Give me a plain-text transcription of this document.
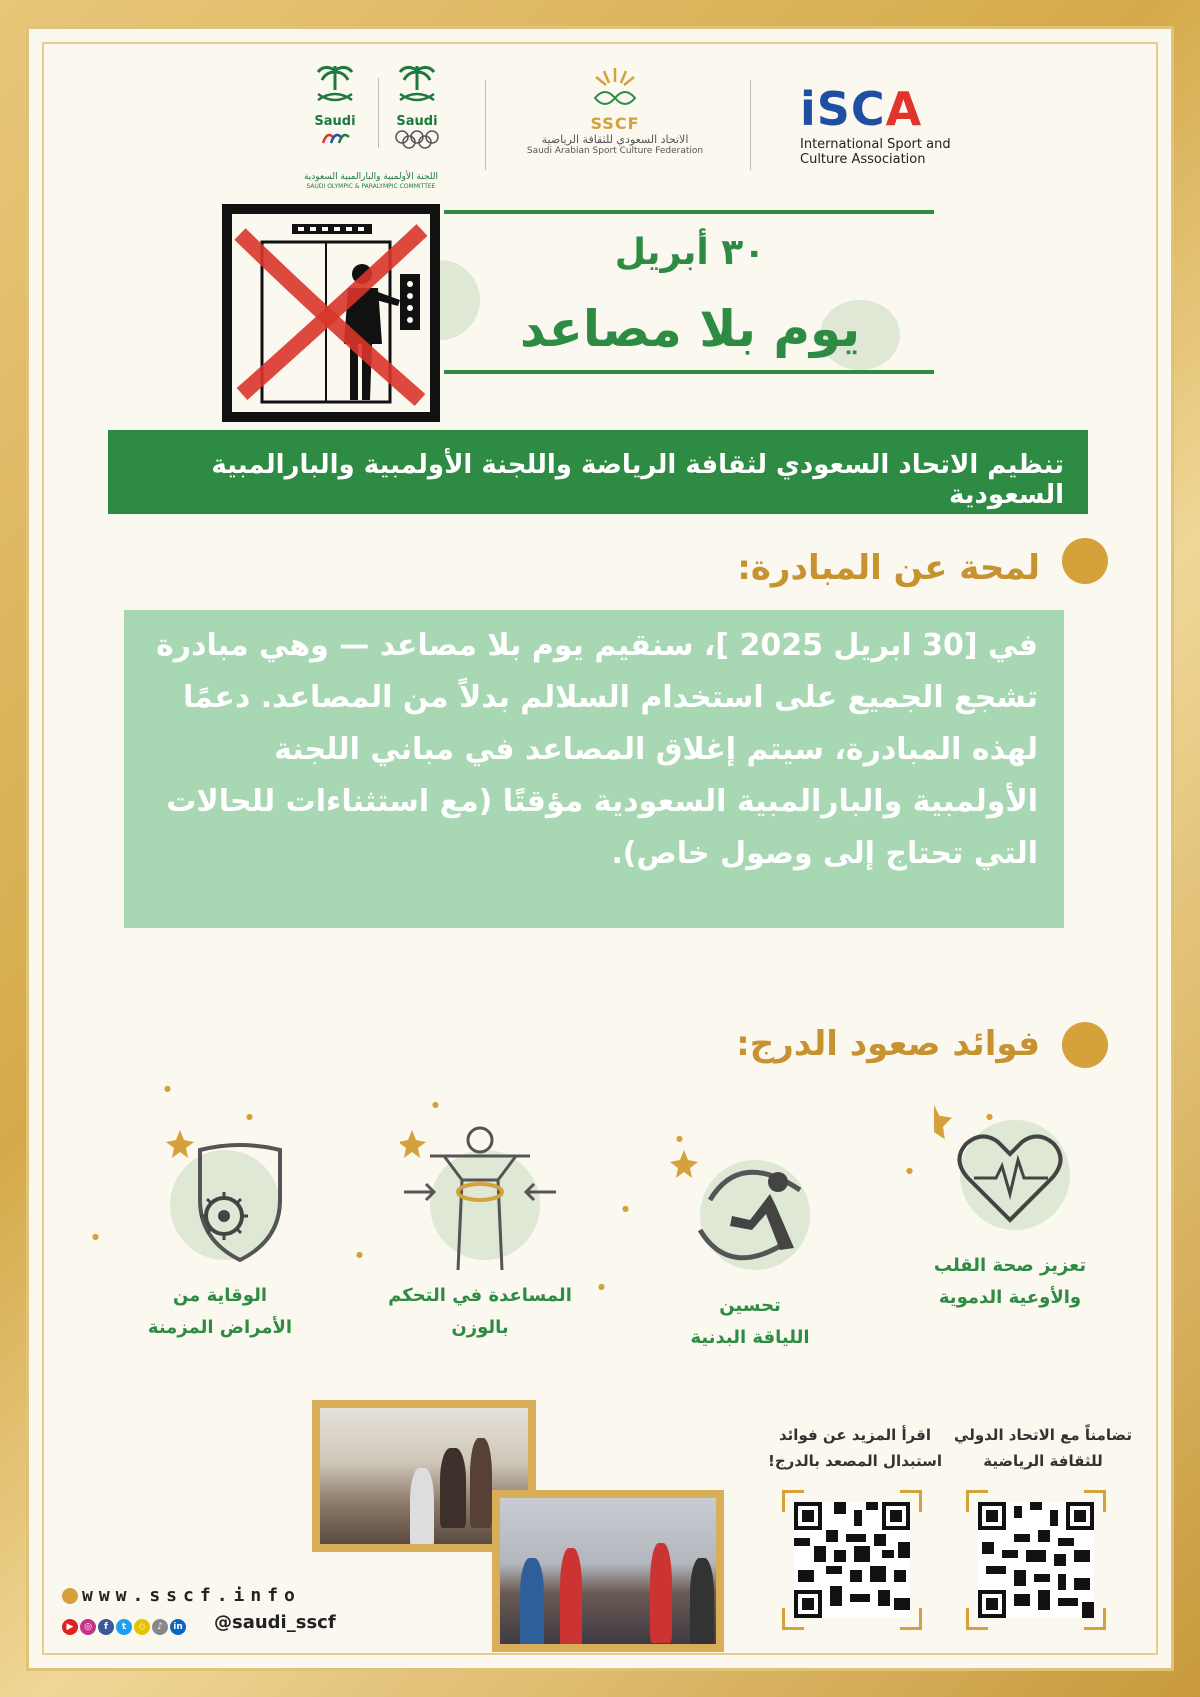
Saudi	Saudi
اللجنة الأولمبية والبارالمبية السعودية
SAUDI OLYMPIC & PARALYMPIC COMMITTEE
SSCF
الاتحاد السعودي للثقافة الرياضية
Saudi Arabian Sport Culture Federation
iSCA
International Sport and
Culture Association
٣٠ أبريل
يوم بلا مصاعد
تنظيم الاتحاد السعودي لثقافة الرياضة واللجنة الأولمبية والبارالمبية السعودية
لمحة عن المبادرة:
في [30 ابريل 2025 ]، سنقيم يوم بلا مصاعد — وهي مبادرة تشجع الجميع على استخدام السلالم بدلاً من المصاعد. دعمًا لهذه المبادرة، سيتم إغلاق المصاعد في مباني اللجنة الأولمبية والبارالمبية السعودية مؤقتًا (مع استثناءات للحالات التي تحتاج إلى وصول خاص).
فوائد صعود الدرج:
تعزيز صحة القلب
والأوعية الدموية
تحسين
اللياقة البدنية
المساعدة في التحكم
بالوزن
الوقاية من
الأمراض المزمنة
●
●
●
●
●
●
●
●
●
●
تضامناً مع الاتحاد الدولي
للثقافة الرياضية
اقرأ المزيد عن فوائد
استبدال المصعد بالدرج!
www.sscf.info
▶ ◎ f t ◇ ♪ in @saudi_sscf
